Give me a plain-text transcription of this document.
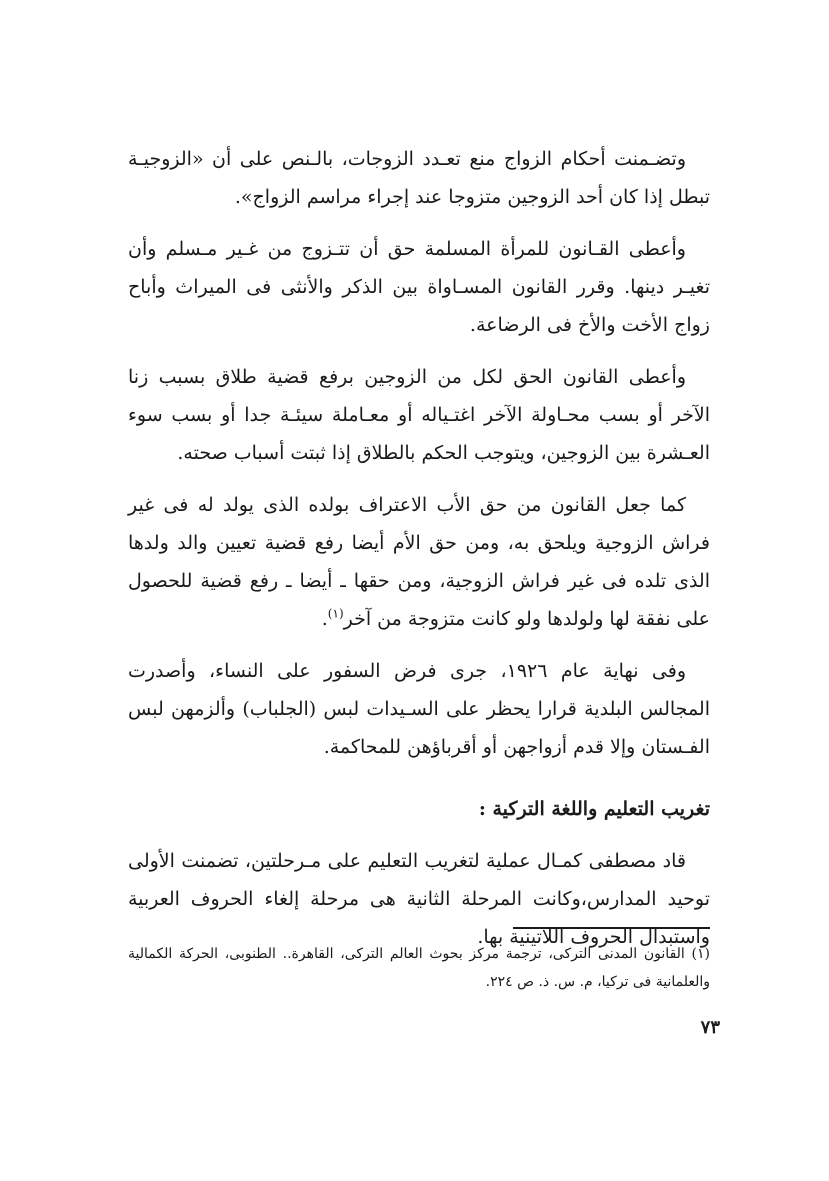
وتضـمنت أحكام الزواج منع تعـدد الزوجات، بالـنص على أن «الزوجيـة تبطل إذا كان أحد الزوجين متزوجا عند إجراء مراسم الزواج».

وأعطى القـانون للمرأة المسلمة حق أن تتـزوج من غـير مـسلم وأن تغيـر دينها. وقرر القانون المسـاواة بين الذكر والأنثى فى الميراث وأباح زواج الأخت والأخ فى الرضاعة.

وأعطى القانون الحق لكل من الزوجين برفع قضية طلاق بسبب زنا الآخر أو بسب محـاولة الآخر اغتـياله أو معـاملة سيئـة جدا أو بسب سوء العـشرة بين الزوجين، ويتوجب الحكم بالطلاق إذا ثبتت أسباب صحته.

كما جعل القانون من حق الأب الاعتراف بولده الذى يولد له فى غير فراش الزوجية ويلحق به، ومن حق الأم أيضا رفع قضية تعيين والد ولدها الذى تلده فى غير فراش الزوجية، ومن حقها ـ أيضا ـ رفع قضية للحصول على نفقة لها ولولدها ولو كانت متزوجة من آخر$^{(١)}$.

وفى نهاية عام ١٩٢٦، جرى فرض السفور على النساء، وأصدرت المجالس البلدية قرارا يحظر على السـيدات لبس (الجلباب) وألزمهن لبس الفـستان وإلا قدم أزواجهن أو أقرباؤهن للمحاكمة.

تغريب التعليم واللغة التركية :

قاد مصطفى كمـال عملية لتغريب التعليم على مـرحلتين، تضمنت الأولى توحيد المدارس،وكانت المرحلة الثانية هى مرحلة إلغاء الحروف العربية واستبدال الحروف اللاتينية بها.

(١) القانون المدنى التركى، ترجمة مركز بحوث العالم التركى، القاهرة.. الطنوبى، الحركة الكمالية والعلمانية فى تركيا، م. س. ذ. ص ٢٢٤.

٧٣
